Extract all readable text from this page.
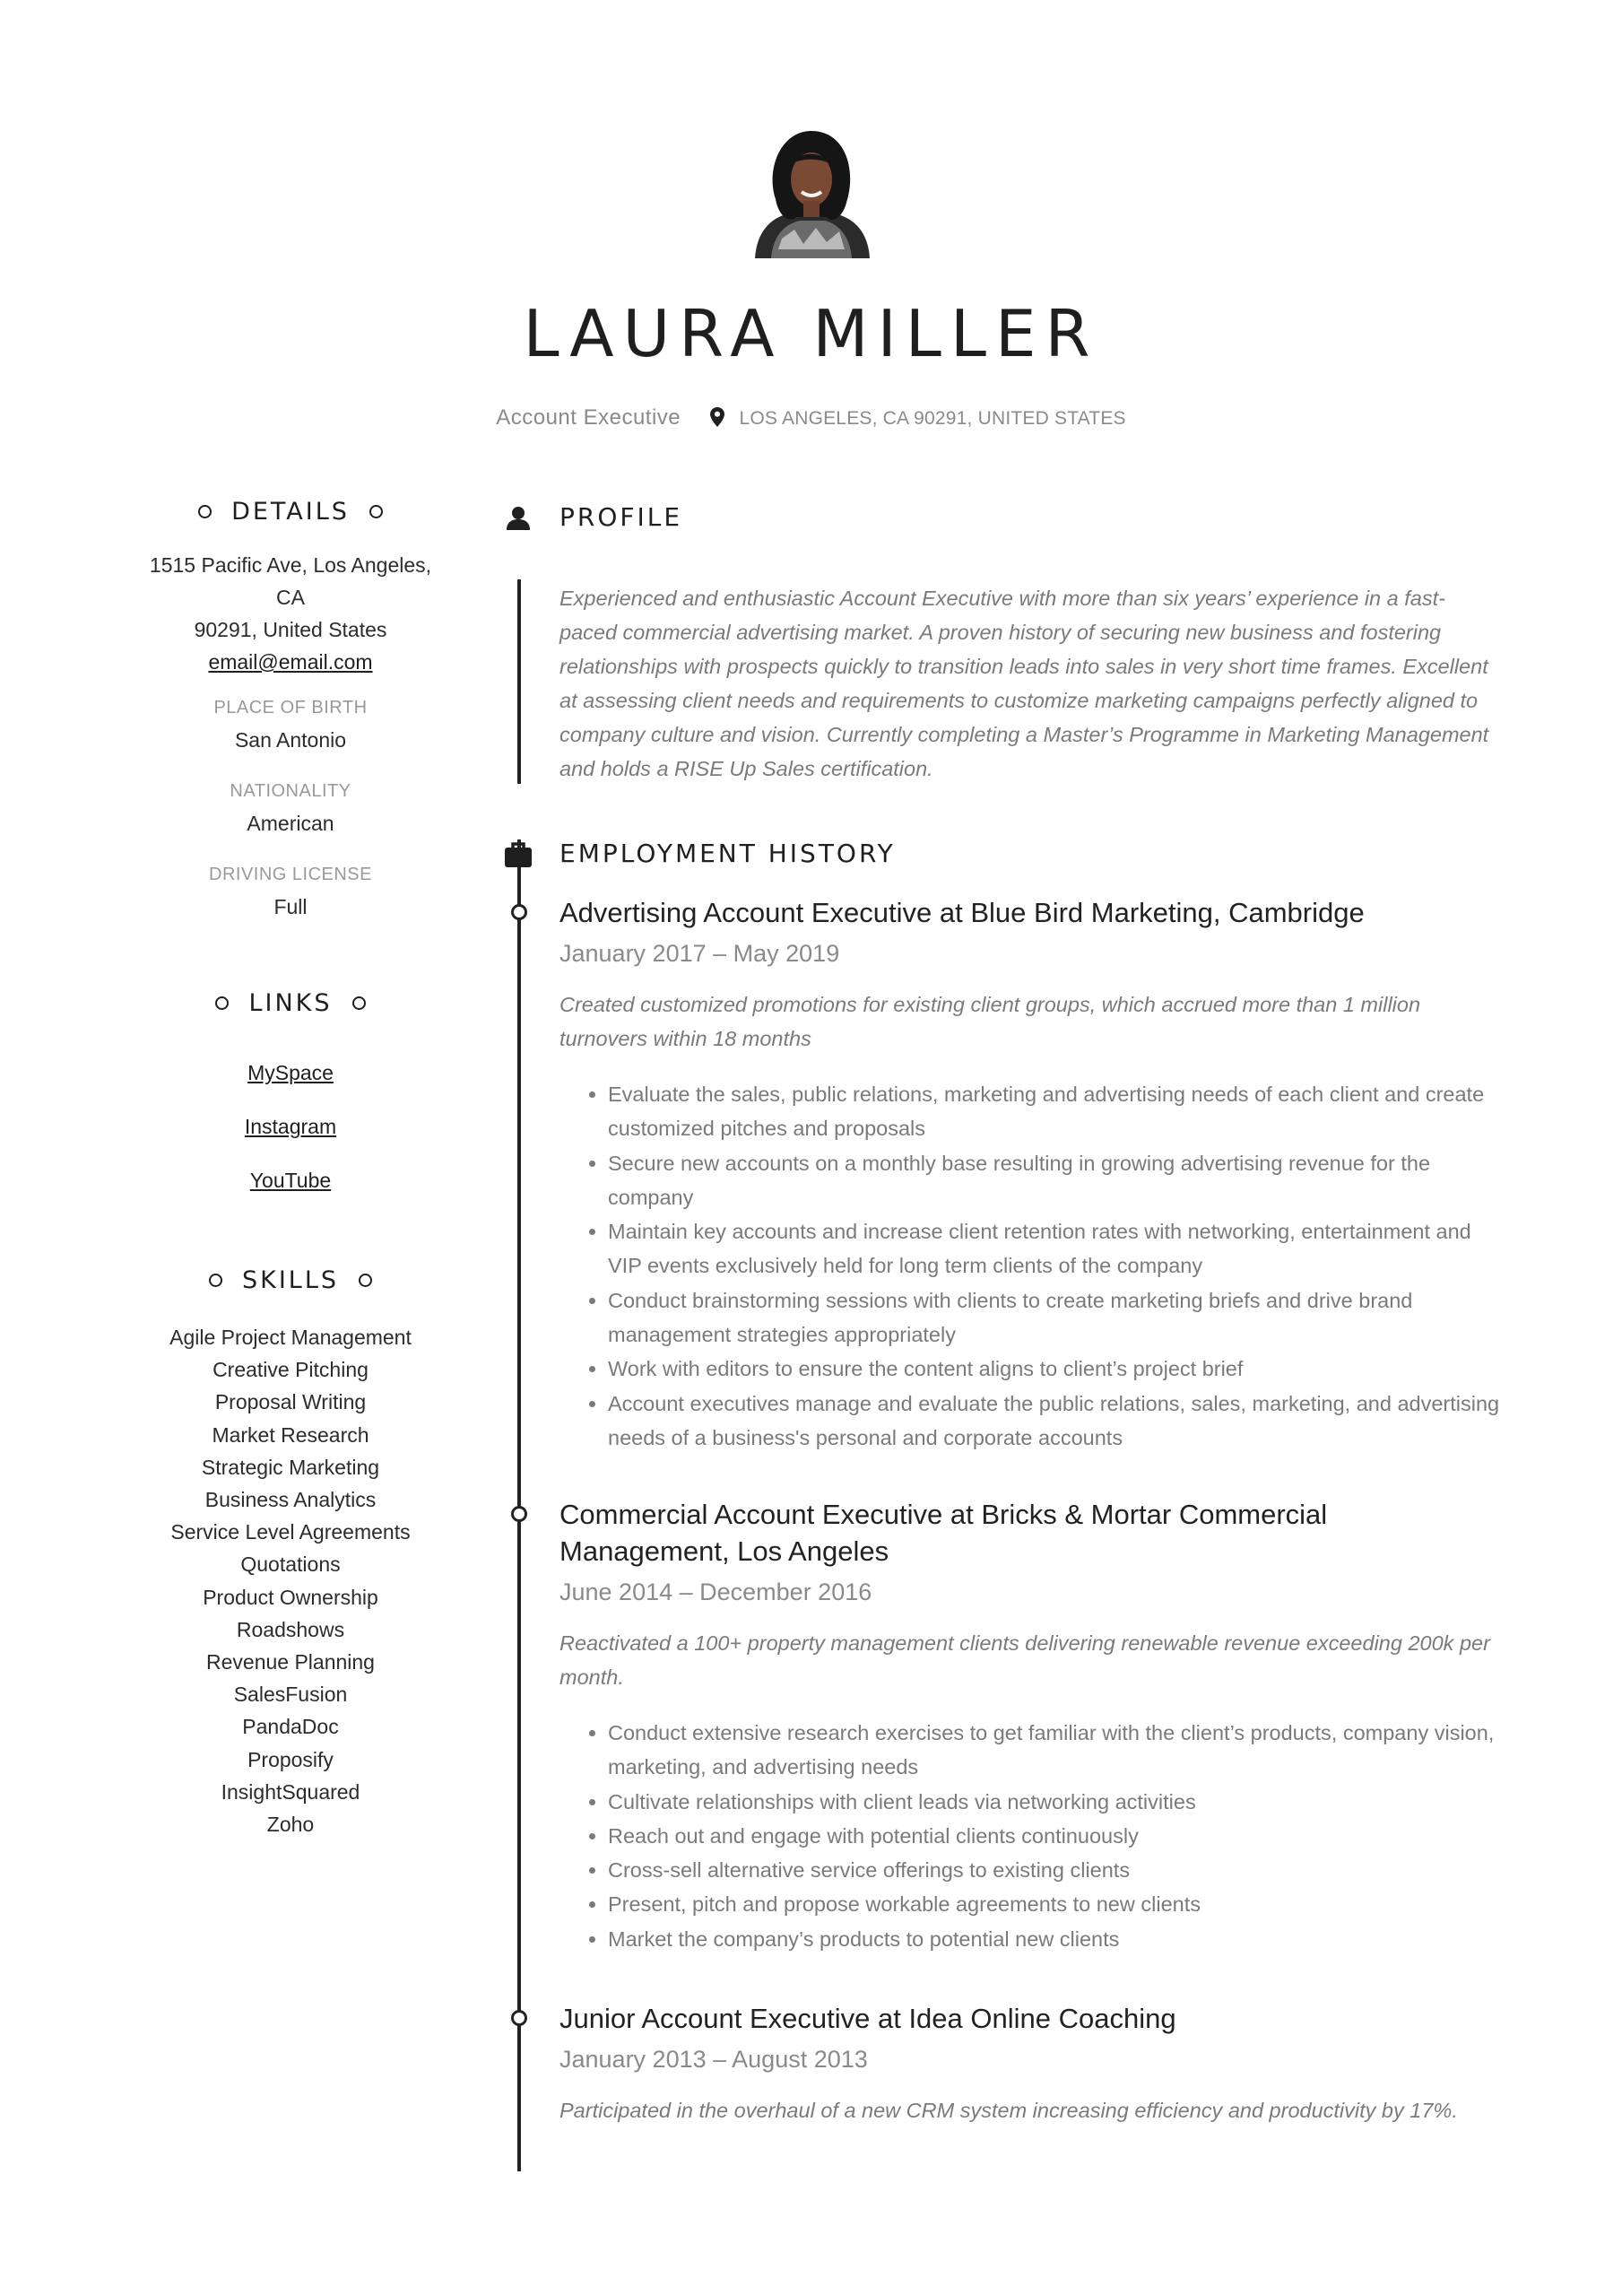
LAURA MILLER
Account Executive	LOS ANGELES, CA 90291, UNITED STATES
DETAILS
1515 Pacific Ave, Los Angeles, CA
90291, United States
email@email.com
PLACE OF BIRTH
San Antonio
NATIONALITY
American
DRIVING LICENSE
Full
LINKS
MySpace
Instagram
YouTube
SKILLS
Agile Project Management
Creative Pitching
Proposal Writing
Market Research
Strategic Marketing
Business Analytics
Service Level Agreements
Quotations
Product Ownership
Roadshows
Revenue Planning
SalesFusion
PandaDoc
Proposify
InsightSquared
Zoho
PROFILE
Experienced and enthusiastic Account Executive with more than six years’ experience in a fast-paced commercial advertising market. A proven history of securing new business and fostering relationships with prospects quickly to transition leads into sales in very short time frames. Excellent at assessing client needs and requirements to customize marketing campaigns perfectly aligned to company culture and vision. Currently completing a Master’s Programme in Marketing Management and holds a RISE Up Sales certification.
EMPLOYMENT HISTORY
Advertising Account Executive at Blue Bird Marketing, Cambridge
January 2017 – May 2019
Created customized promotions for existing client groups, which accrued more than 1 million turnovers within 18 months
• Evaluate the sales, public relations, marketing and advertising needs of each client and create customized pitches and proposals
• Secure new accounts on a monthly base resulting in growing advertising revenue for the company
• Maintain key accounts and increase client retention rates with networking, entertainment and VIP events exclusively held for long term clients of the company
• Conduct brainstorming sessions with clients to create marketing briefs and drive brand management strategies appropriately
• Work with editors to ensure the content aligns to client’s project brief
• Account executives manage and evaluate the public relations, sales, marketing, and advertising needs of a business's personal and corporate accounts
Commercial Account Executive at Bricks & Mortar Commercial Management, Los Angeles
June 2014 – December 2016
Reactivated a 100+ property management clients delivering renewable revenue exceeding 200k per month.
• Conduct extensive research exercises to get familiar with the client’s products, company vision, marketing, and advertising needs
• Cultivate relationships with client leads via networking activities
• Reach out and engage with potential clients continuously
• Cross-sell alternative service offerings to existing clients
• Present, pitch and propose workable agreements to new clients
• Market the company’s products to potential new clients
Junior Account Executive at Idea Online Coaching
January 2013 – August 2013
Participated in the overhaul of a new CRM system increasing efficiency and productivity by 17%.
